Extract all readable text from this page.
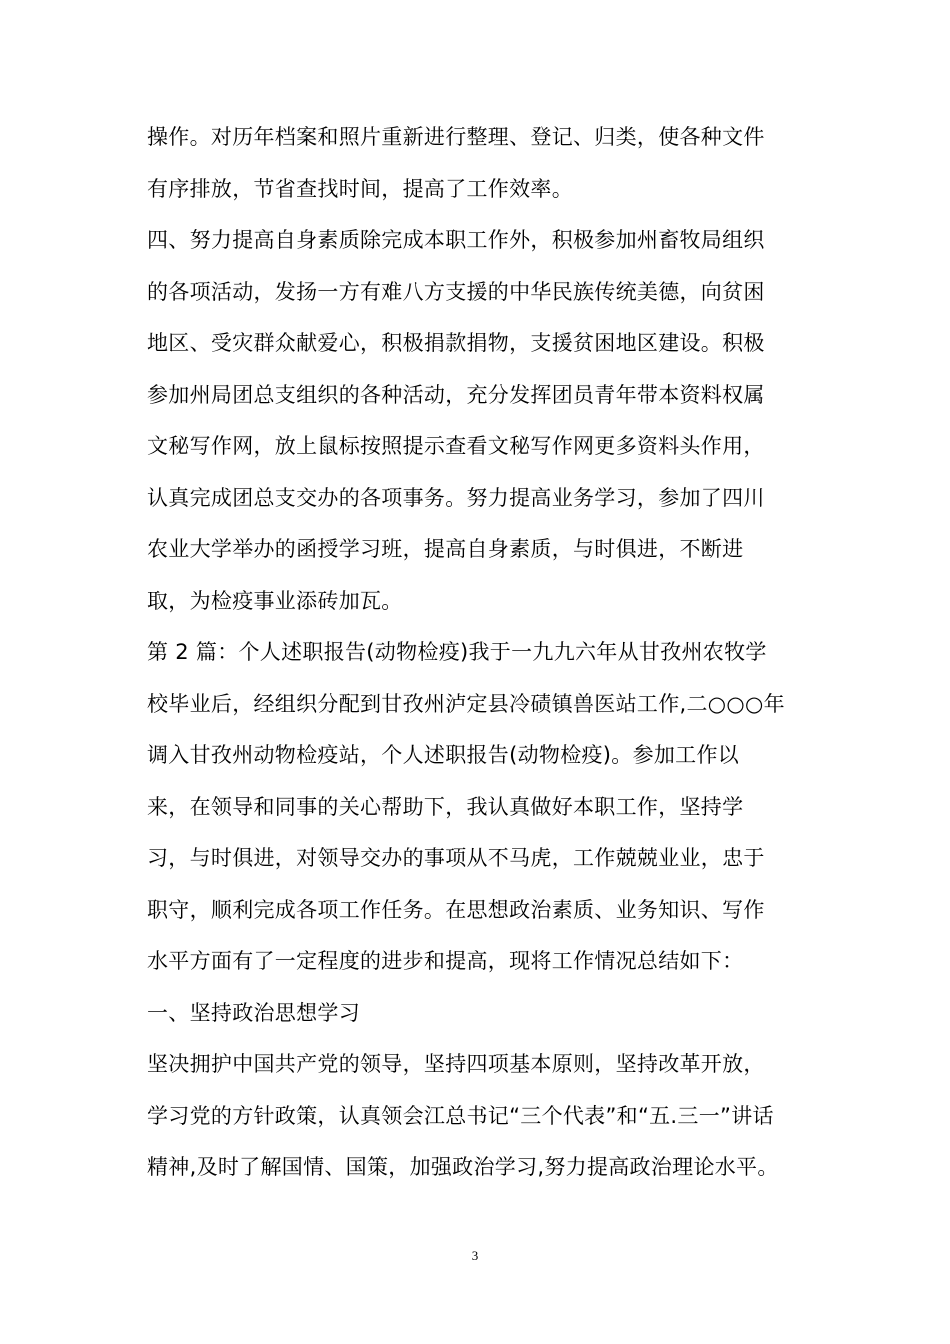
操作。对历年档案和照片重新进行整理、登记、归类，使各种文件
有序排放，节省查找时间，提高了工作效率。
四、努力提高自身素质除完成本职工作外，积极参加州畜牧局组织
的各项活动，发扬一方有难八方支援的中华民族传统美德，向贫困
地区、受灾群众献爱心，积极捐款捐物，支援贫困地区建设。积极
参加州局团总支组织的各种活动，充分发挥团员青年带本资料权属
文秘写作网，放上鼠标按照提示查看文秘写作网更多资料头作用，
认真完成团总支交办的各项事务。努力提高业务学习，参加了四川
农业大学举办的函授学习班，提高自身素质，与时俱进，不断进
取，为检疫事业添砖加瓦。
第 2 篇：个人述职报告(动物检疫)我于一九九六年从甘孜州农牧学
校毕业后，经组织分配到甘孜州泸定县冷碛镇兽医站工作,二○○○年
调入甘孜州动物检疫站，个人述职报告(动物检疫)。参加工作以
来，在领导和同事的关心帮助下，我认真做好本职工作，坚持学
习，与时俱进，对领导交办的事项从不马虎，工作兢兢业业，忠于
职守，顺利完成各项工作任务。在思想政治素质、业务知识、写作
水平方面有了一定程度的进步和提高，现将工作情况总结如下：
一、坚持政治思想学习
坚决拥护中国共产党的领导，坚持四项基本原则，坚持改革开放，
学习党的方针政策，认真领会江总书记“三个代表”和“五.三一”讲话
精神,及时了解国情、国策，加强政治学习,努力提高政治理论水平。
3
